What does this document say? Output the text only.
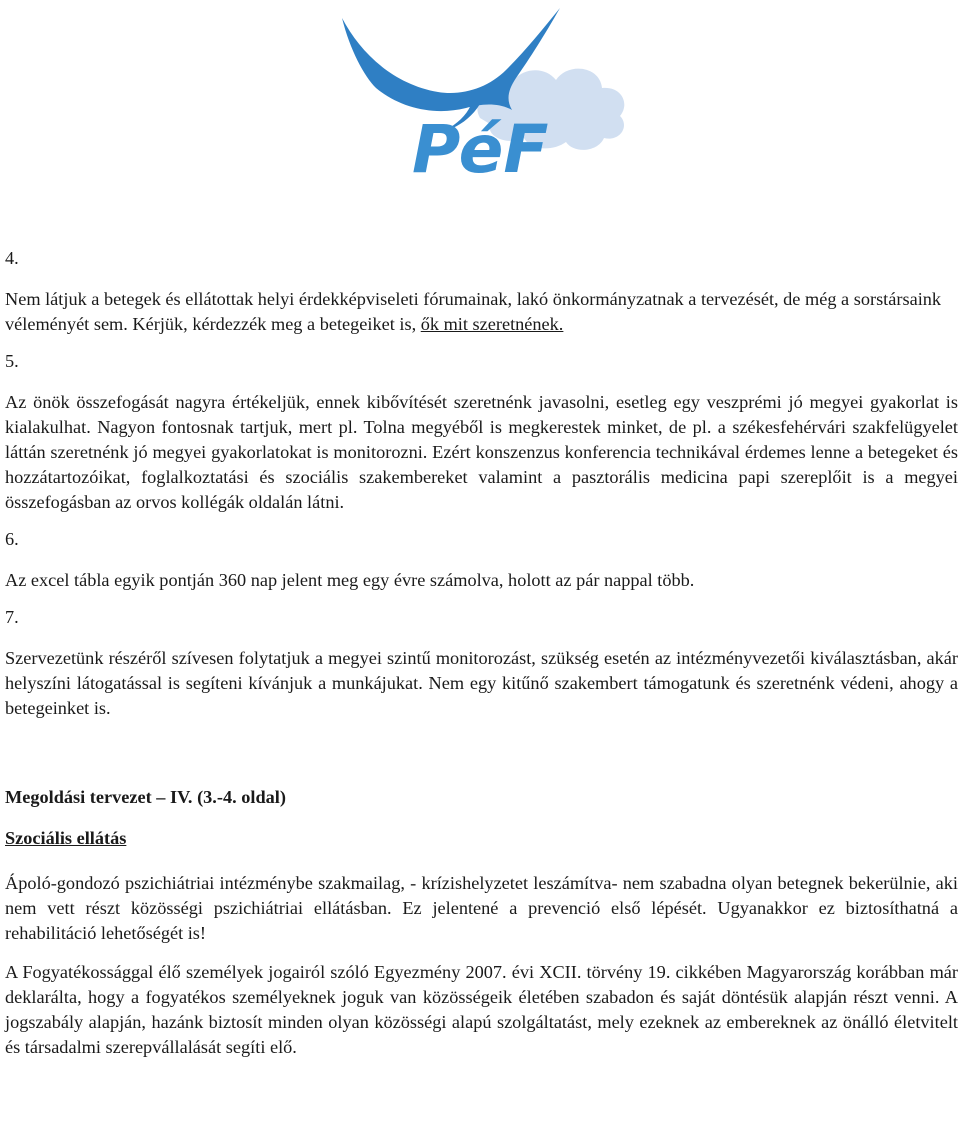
PéF
4.

Nem látjuk a betegek és ellátottak helyi érdekképviseleti fórumainak, lakó önkormányzatnak a tervezését, de még a sorstársaink véleményét sem. Kérjük, kérdezzék meg a betegeiket is, ők mit szeretnének.

5.

Az önök összefogását nagyra értékeljük, ennek kibővítését szeretnénk javasolni, esetleg egy veszprémi jó megyei gyakorlat is kialakulhat. Nagyon fontosnak tartjuk, mert pl. Tolna megyéből is megkerestek minket, de pl. a székesfehérvári szakfelügyelet láttán szeretnénk jó megyei gyakorlatokat is monitorozni. Ezért konszenzus konferencia technikával érdemes lenne a betegeket és hozzátartozóikat, foglalkoztatási és szociális szakembereket valamint a pasztorális medicina papi szereplőit is a megyei összefogásban az orvos kollégák oldalán látni.

6.

Az excel tábla egyik pontján 360 nap jelent meg egy évre számolva, holott az pár nappal több.

7.

Szervezetünk részéről szívesen folytatjuk a megyei szintű monitorozást, szükség esetén az intézményvezetői kiválasztásban, akár helyszíni látogatással is segíteni kívánjuk a munkájukat. Nem egy kitűnő szakembert támogatunk és szeretnénk védeni, ahogy a betegeinket is.

Megoldási tervezet – IV. (3.-4. oldal)

Szociális ellátás

Ápoló-gondozó pszichiátriai intézménybe szakmailag, - krízishelyzetet leszámítva- nem szabadna olyan betegnek bekerülnie, aki nem vett részt közösségi pszichiátriai ellátásban. Ez jelentené a prevenció első lépését. Ugyanakkor ez biztosíthatná a rehabilitáció lehetőségét is!

A Fogyatékossággal élő személyek jogairól szóló Egyezmény 2007. évi XCII. törvény 19. cikkében Magyarország korábban már deklarálta, hogy a fogyatékos személyeknek joguk van közösségeik életében szabadon és saját döntésük alapján részt venni. A jogszabály alapján, hazánk biztosít minden olyan közösségi alapú szolgáltatást, mely ezeknek az embereknek az önálló életvitelt és társadalmi szerepvállalását segíti elő.
